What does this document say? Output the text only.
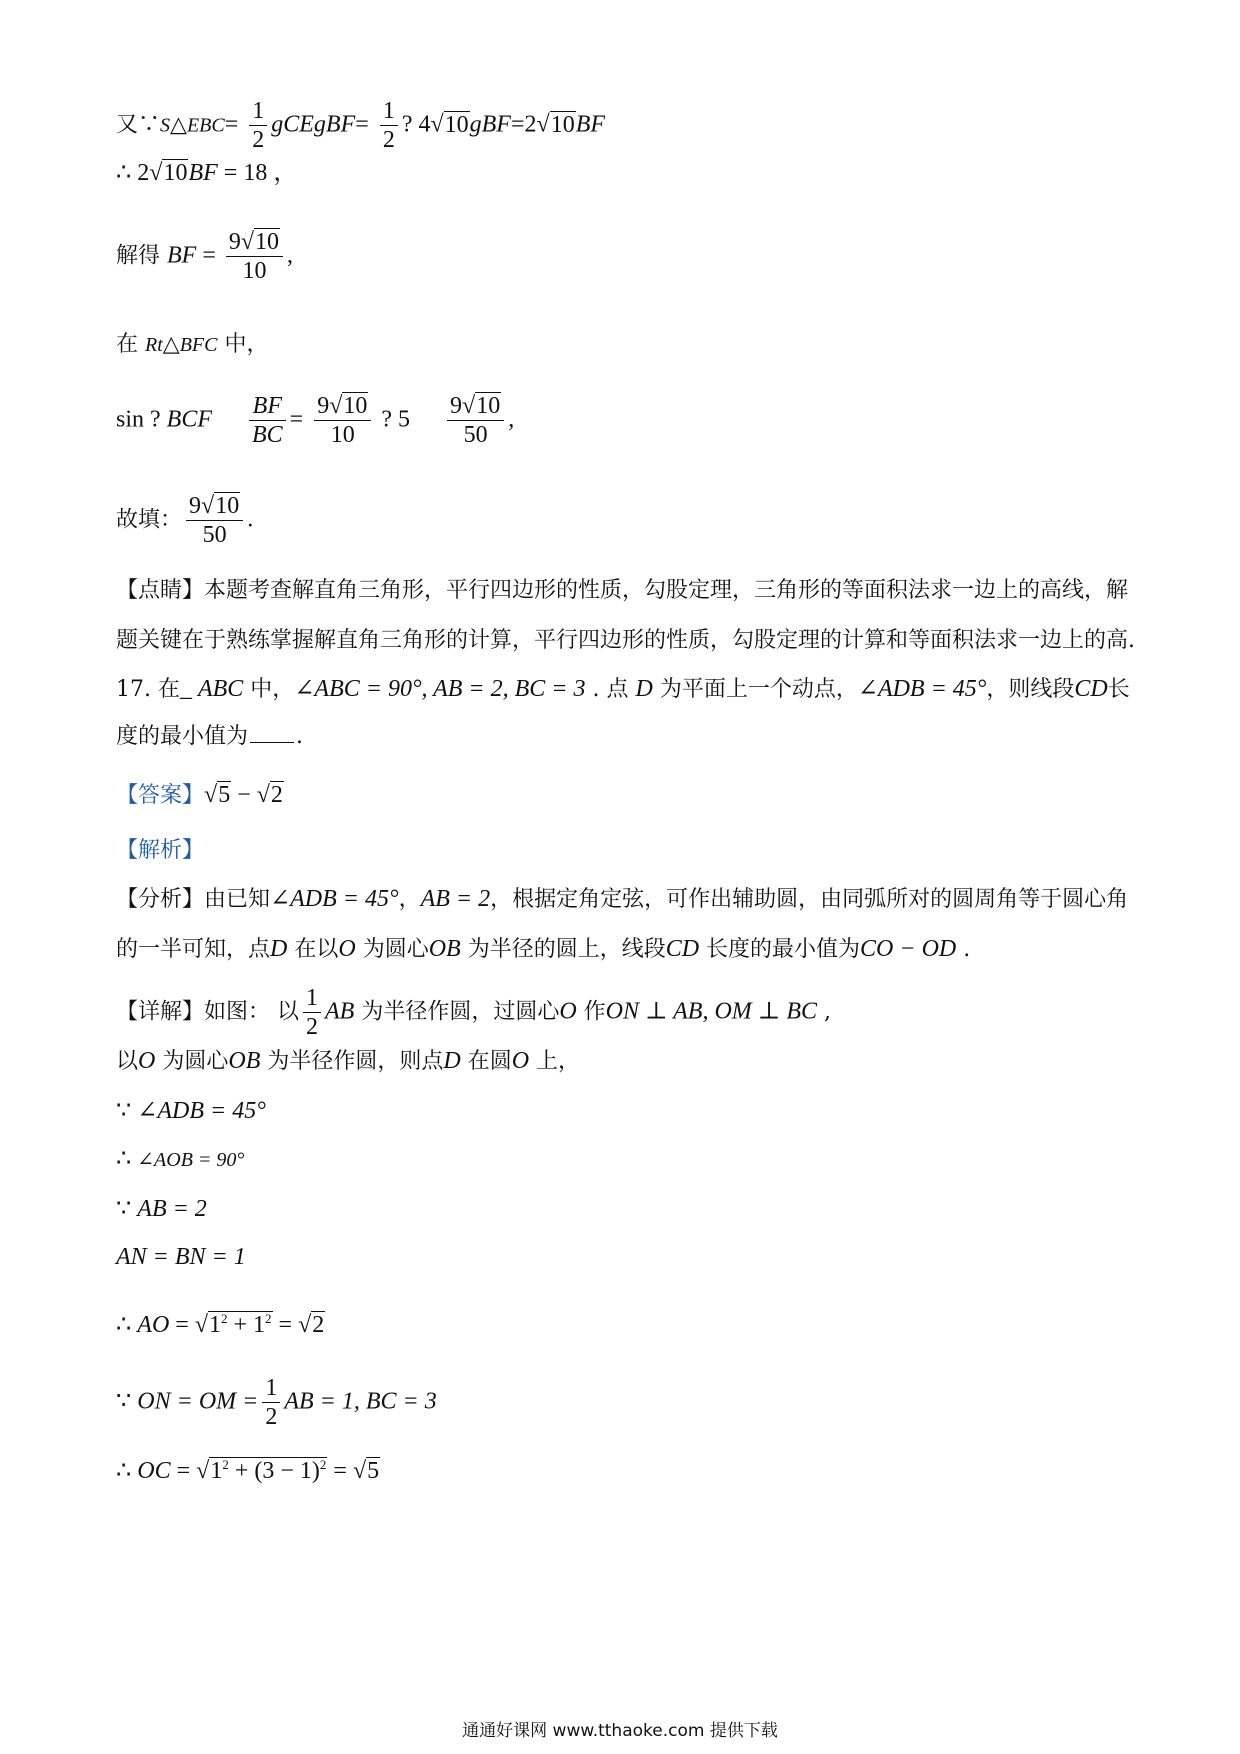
又∵S△EBC= $\frac{1}{2}$ gCEgBF= $\frac{1}{2}$ ? 4√10gBF=2√10BF
∴ 2√10BF = 18 ，
解得 BF = $\frac{9√10}{10}$ ,
在 Rt△BFC 中，
sin ? BCF $\frac{BF}{BC} = \frac{9√10}{10}$ ? $5 \frac{9√10}{50}$ ,
故填： $\frac{9√10}{50}$ .
【点睛】本题考查解直角三角形，平行四边形的性质，勾股定理，三角形的等面积法求一边上的高线，解
题关键在于熟练掌握解直角三角形的计算，平行四边形的性质，勾股定理的计算和等面积法求一边上的高.
17. 在_ ABC 中，∠ABC = 90°, AB = 2, BC = 3 . 点 D 为平面上一个动点，∠ADB = 45°，则线段CD长
度的最小值为 .
【答案】√5 − √2
【解析】
【分析】由已知∠ADB = 45°，AB = 2，根据定角定弦，可作出辅助圆，由同弧所对的圆周角等于圆心角
的一半可知，点D 在以O 为圆心OB 为半径的圆上，线段CD 长度的最小值为CO − OD .
【详解】如图： 以 $\frac{1}{2}$ AB 为半径作圆，过圆心O 作ON ⊥ AB, OM ⊥ BC ,
以O 为圆心OB 为半径作圆，则点D 在圆O 上，
∵ ∠ADB = 45°
∴ ∠AOB = 90°
∵ AB = 2
AN = BN = 1
∴ AO = $√1^2 + 1^2 = √2$
∵ ON = OM = $\frac{1}{2}$ AB = 1, BC = 3
∴ OC = $√1^2 + (3 - 1)^2 = √5$
通通好课网 www.tthaoke.com 提供下载
